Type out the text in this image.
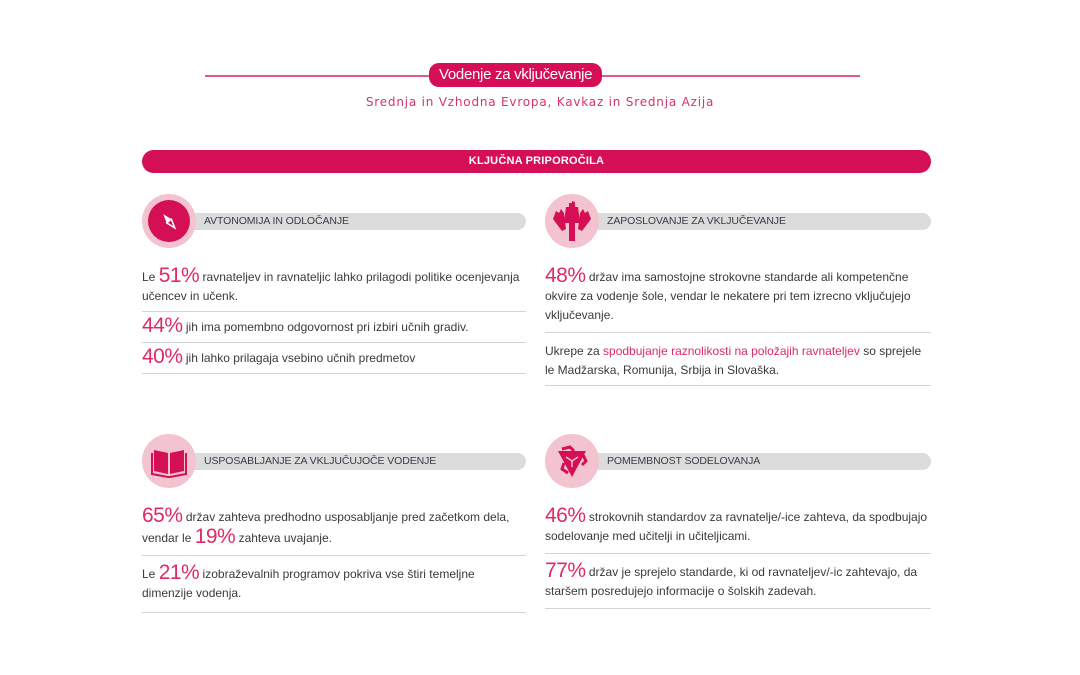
Vodenje za vključevanje
Srednja in Vzhodna Evropa, Kavkaz in Srednja Azija
KLJUČNA PRIPOROČILA
AVTONOMIJA IN ODLOČANJE
Le 51% ravnateljev in ravnateljic lahko prilagodi politike ocenjevanja učencev in učenk.
44% jih ima pomembno odgovornost pri izbiri učnih gradiv.
40% jih lahko prilagaja vsebino učnih predmetov
ZAPOSLOVANJE ZA VKLJUČEVANJE
48% držav ima samostojne strokovne standarde ali kompetenčne okvire za vodenje šole, vendar le nekatere pri tem izrecno vključujejo vključevanje.
Ukrepe za spodbujanje raznolikosti na položajih ravnateljev so sprejele le Madžarska, Romunija, Srbija in Slovaška.
USPOSABLJANJE ZA VKLJUČUJOČE VODENJE
65% držav zahteva predhodno usposabljanje pred začetkom dela, vendar le 19% zahteva uvajanje.
Le 21% izobraževalnih programov pokriva vse štiri temeljne dimenzije vodenja.
POMEMBNOST SODELOVANJA
46% strokovnih standardov za ravnatelje/-ice zahteva, da spodbujajo sodelovanje med učitelji in učiteljicami.
77% držav je sprejelo standarde, ki od ravnateljev/-ic zahtevajo, da staršem posredujejo informacije o šolskih zadevah.
